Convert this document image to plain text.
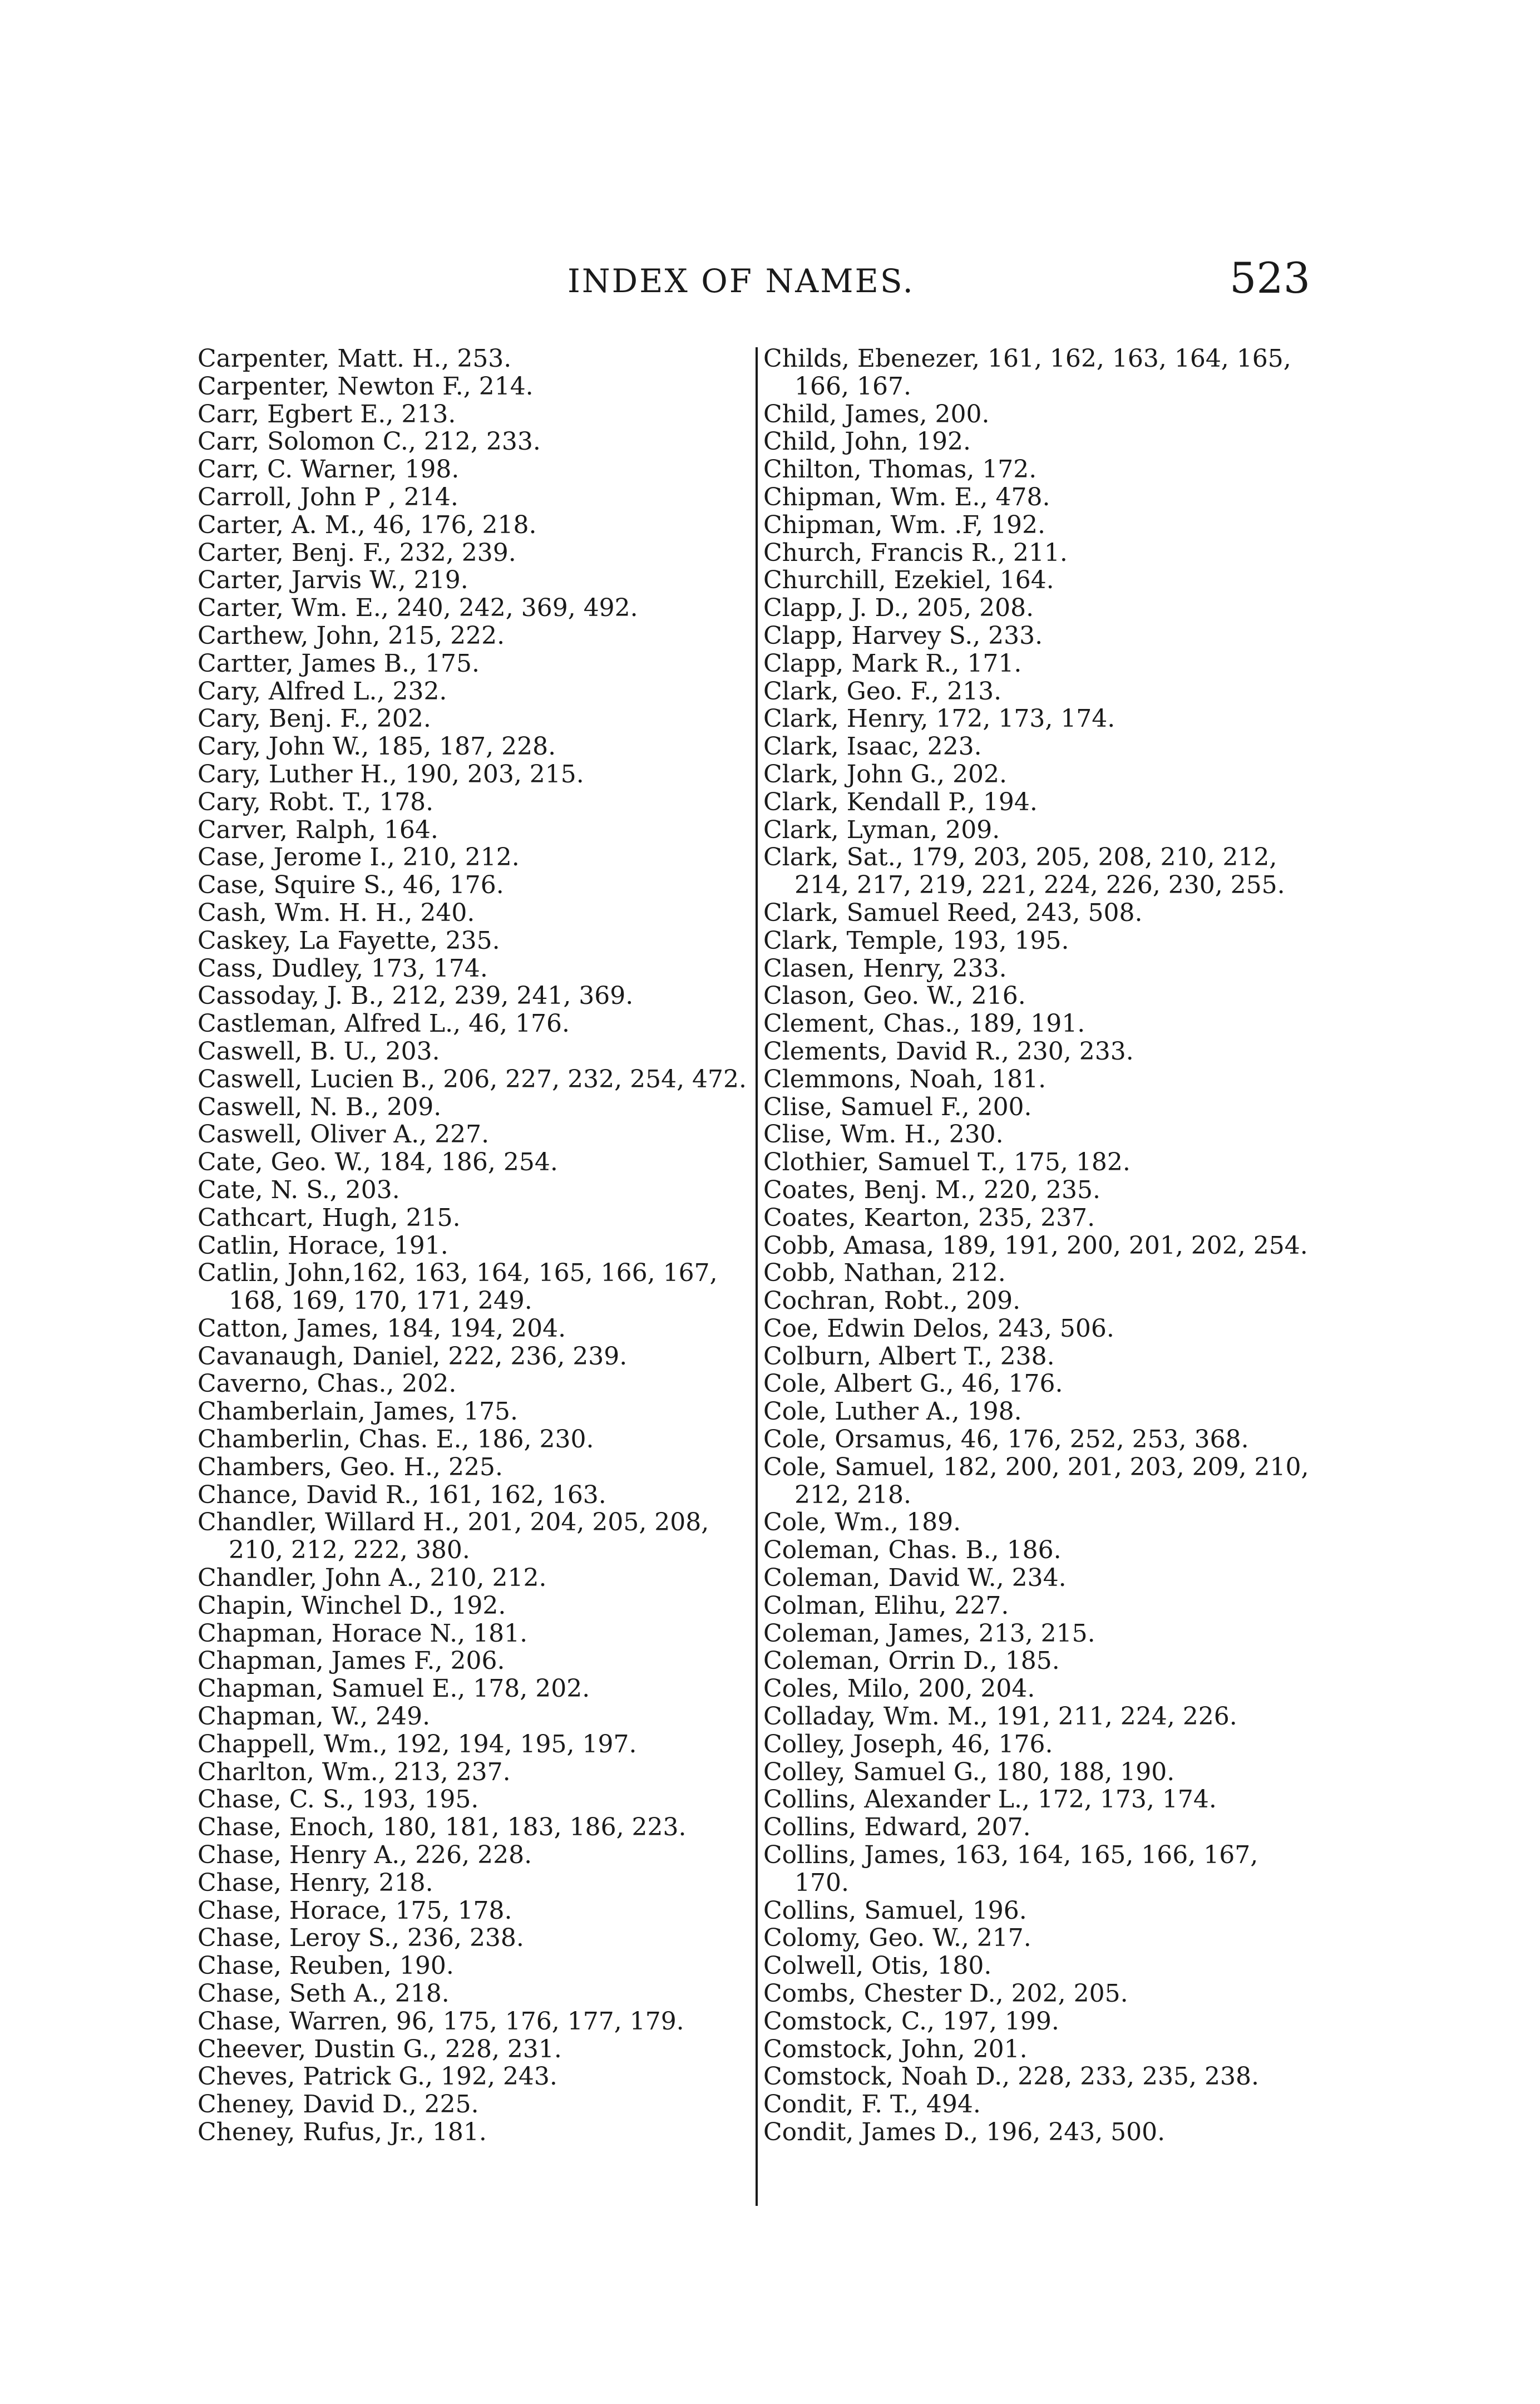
INDEX OF NAMES.	523
Carpenter, Matt. H., 253.
Carpenter, Newton F., 214.
Carr, Egbert E., 213.
Carr, Solomon C., 212, 233.
Carr, C. Warner, 198.
Carroll, John P , 214.
Carter, A. M., 46, 176, 218.
Carter, Benj. F., 232, 239.
Carter, Jarvis W., 219.
Carter, Wm. E., 240, 242, 369, 492.
Carthew, John, 215, 222.
Cartter, James B., 175.
Cary, Alfred L., 232.
Cary, Benj. F., 202.
Cary, John W., 185, 187, 228.
Cary, Luther H., 190, 203, 215.
Cary, Robt. T., 178.
Carver, Ralph, 164.
Case, Jerome I., 210, 212.
Case, Squire S., 46, 176.
Cash, Wm. H. H., 240.
Caskey, La Fayette, 235.
Cass, Dudley, 173, 174.
Cassoday, J. B., 212, 239, 241, 369.
Castleman, Alfred L., 46, 176.
Caswell, B. U., 203.
Caswell, Lucien B., 206, 227, 232, 254, 472.
Caswell, N. B., 209.
Caswell, Oliver A., 227.
Cate, Geo. W., 184, 186, 254.
Cate, N. S., 203.
Cathcart, Hugh, 215.
Catlin, Horace, 191.
Catlin, John,162, 163, 164, 165, 166, 167, 168, 169, 170, 171, 249.
Catton, James, 184, 194, 204.
Cavanaugh, Daniel, 222, 236, 239.
Caverno, Chas., 202.
Chamberlain, James, 175.
Chamberlin, Chas. E., 186, 230.
Chambers, Geo. H., 225.
Chance, David R., 161, 162, 163.
Chandler, Willard H., 201, 204, 205, 208, 210, 212, 222, 380.
Chandler, John A., 210, 212.
Chapin, Winchel D., 192.
Chapman, Horace N., 181.
Chapman, James F., 206.
Chapman, Samuel E., 178, 202.
Chapman, W., 249.
Chappell, Wm., 192, 194, 195, 197.
Charlton, Wm., 213, 237.
Chase, C. S., 193, 195.
Chase, Enoch, 180, 181, 183, 186, 223.
Chase, Henry A., 226, 228.
Chase, Henry, 218.
Chase, Horace, 175, 178.
Chase, Leroy S., 236, 238.
Chase, Reuben, 190.
Chase, Seth A., 218.
Chase, Warren, 96, 175, 176, 177, 179.
Cheever, Dustin G., 228, 231.
Cheves, Patrick G., 192, 243.
Cheney, David D., 225.
Cheney, Rufus, Jr., 181.
Childs, Ebenezer, 161, 162, 163, 164, 165, 166, 167.
Child, James, 200.
Child, John, 192.
Chilton, Thomas, 172.
Chipman, Wm. E., 478.
Chipman, Wm. .F, 192.
Church, Francis R., 211.
Churchill, Ezekiel, 164.
Clapp, J. D., 205, 208.
Clapp, Harvey S., 233.
Clapp, Mark R., 171.
Clark, Geo. F., 213.
Clark, Henry, 172, 173, 174.
Clark, Isaac, 223.
Clark, John G., 202.
Clark, Kendall P., 194.
Clark, Lyman, 209.
Clark, Sat., 179, 203, 205, 208, 210, 212, 214, 217, 219, 221, 224, 226, 230, 255.
Clark, Samuel Reed, 243, 508.
Clark, Temple, 193, 195.
Clasen, Henry, 233.
Clason, Geo. W., 216.
Clement, Chas., 189, 191.
Clements, David R., 230, 233.
Clemmons, Noah, 181.
Clise, Samuel F., 200.
Clise, Wm. H., 230.
Clothier, Samuel T., 175, 182.
Coates, Benj. M., 220, 235.
Coates, Kearton, 235, 237.
Cobb, Amasa, 189, 191, 200, 201, 202, 254.
Cobb, Nathan, 212.
Cochran, Robt., 209.
Coe, Edwin Delos, 243, 506.
Colburn, Albert T., 238.
Cole, Albert G., 46, 176.
Cole, Luther A., 198.
Cole, Orsamus, 46, 176, 252, 253, 368.
Cole, Samuel, 182, 200, 201, 203, 209, 210, 212, 218.
Cole, Wm., 189.
Coleman, Chas. B., 186.
Coleman, David W., 234.
Colman, Elihu, 227.
Coleman, James, 213, 215.
Coleman, Orrin D., 185.
Coles, Milo, 200, 204.
Colladay, Wm. M., 191, 211, 224, 226.
Colley, Joseph, 46, 176.
Colley, Samuel G., 180, 188, 190.
Collins, Alexander L., 172, 173, 174.
Collins, Edward, 207.
Collins, James, 163, 164, 165, 166, 167, 170.
Collins, Samuel, 196.
Colomy, Geo. W., 217.
Colwell, Otis, 180.
Combs, Chester D., 202, 205.
Comstock, C., 197, 199.
Comstock, John, 201.
Comstock, Noah D., 228, 233, 235, 238.
Condit, F. T., 494.
Condit, James D., 196, 243, 500.
